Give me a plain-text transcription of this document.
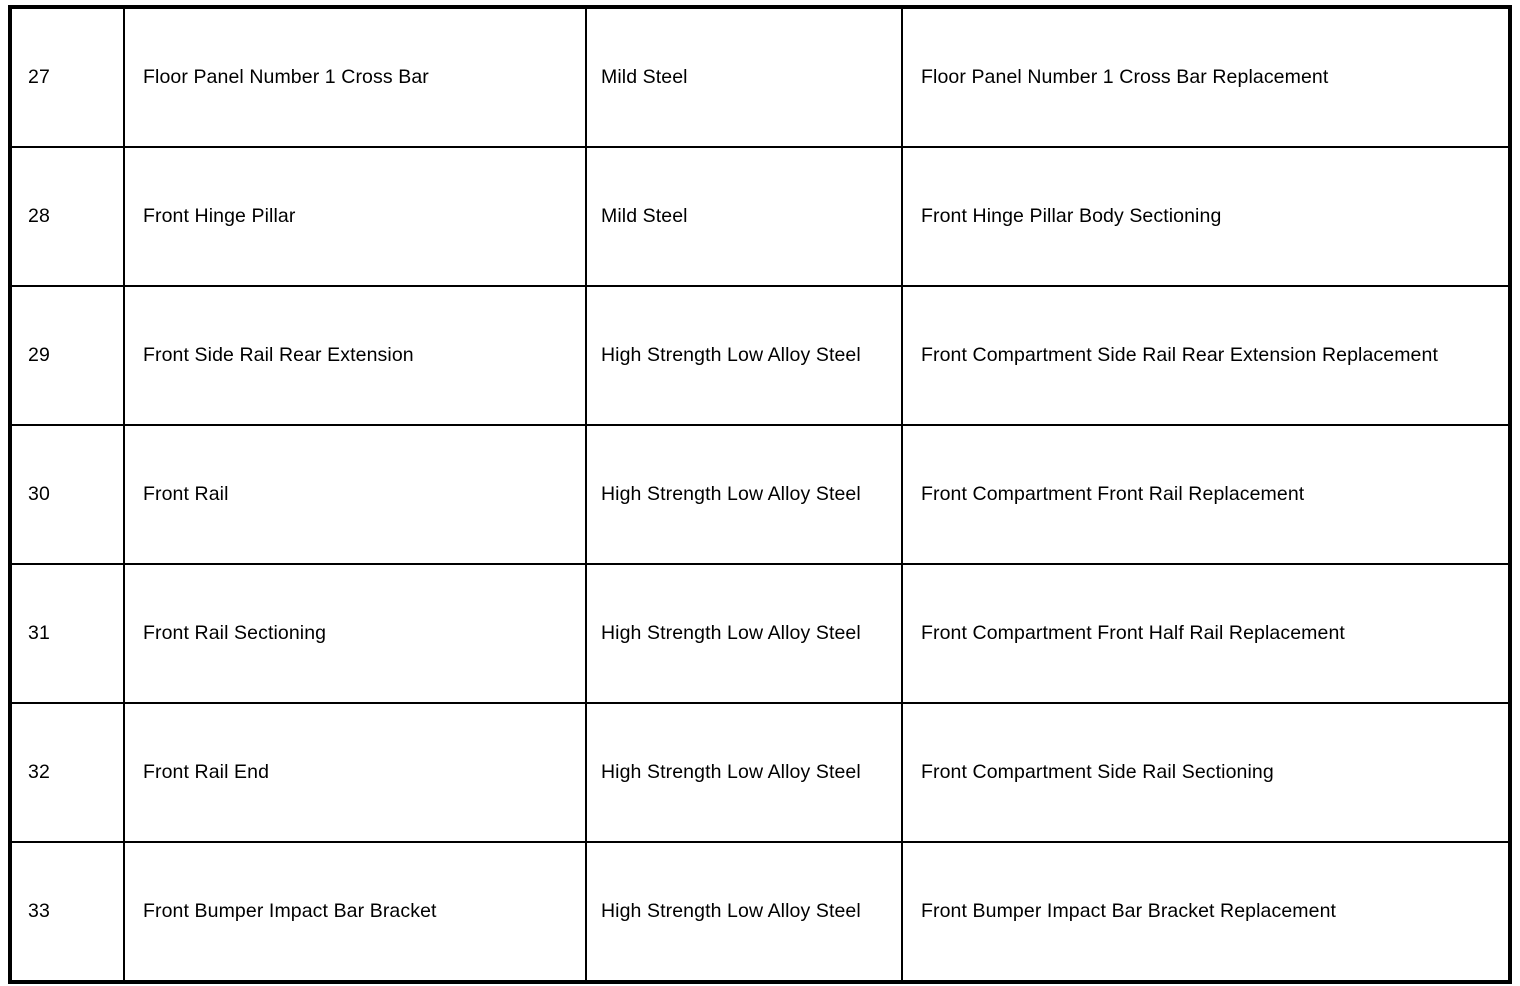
27	Floor Panel Number 1 Cross Bar	Mild Steel	Floor Panel Number 1 Cross Bar Replacement

28	Front Hinge Pillar	Mild Steel	Front Hinge Pillar Body Sectioning

29	Front Side Rail Rear Extension	High Strength Low Alloy Steel	Front Compartment Side Rail Rear Extension Replacement

30	Front Rail	High Strength Low Alloy Steel	Front Compartment Front Rail Replacement

31	Front Rail Sectioning	High Strength Low Alloy Steel	Front Compartment Front Half Rail Replacement

32	Front Rail End	High Strength Low Alloy Steel	Front Compartment Side Rail Sectioning

33	Front Bumper Impact Bar Bracket	High Strength Low Alloy Steel	Front Bumper Impact Bar Bracket Replacement
